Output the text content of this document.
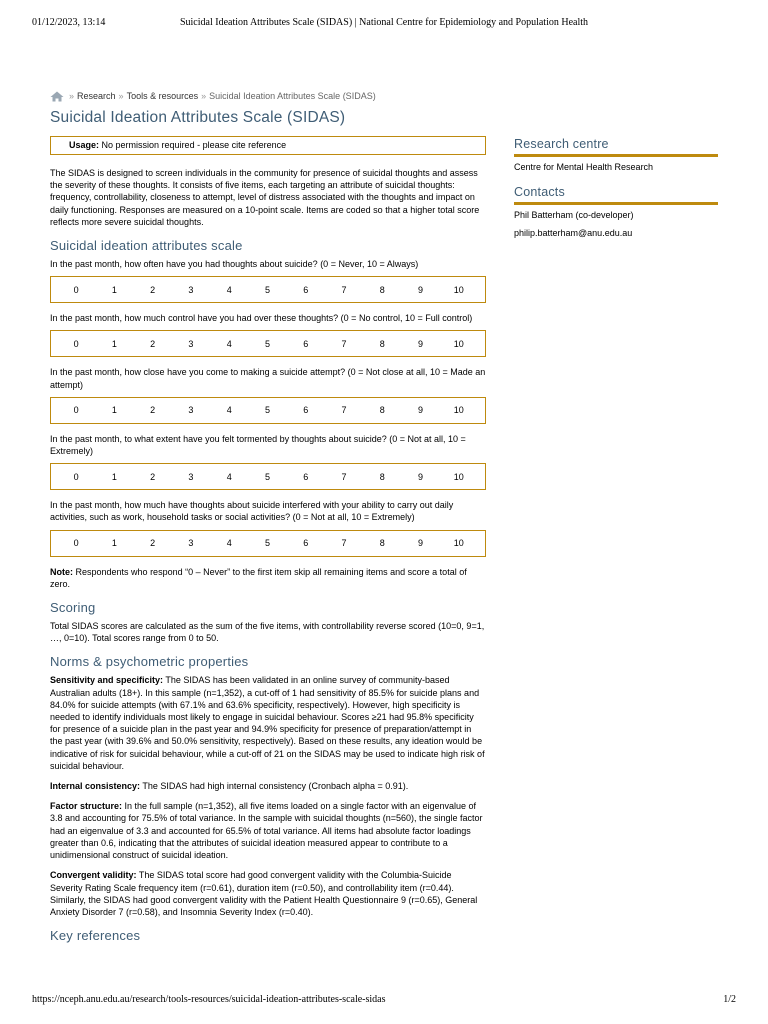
01/12/2023, 13:14	Suicidal Ideation Attributes Scale (SIDAS) | National Centre for Epidemiology and Population Health
» Research » Tools & resources » Suicidal Ideation Attributes Scale (SIDAS)
Suicidal Ideation Attributes Scale (SIDAS)
Usage: No permission required - please cite reference

The SIDAS is designed to screen individuals in the community for presence of suicidal thoughts and assess the severity of these thoughts. It consists of five items, each targeting an attribute of suicidal thoughts: frequency, controllability, closeness to attempt, level of distress associated with the thoughts and impact on daily functioning. Responses are measured on a 10-point scale. Items are coded so that a higher total score reflects more severe suicidal thoughts.

Suicidal ideation attributes scale

In the past month, how often have you had thoughts about suicide? (0 = Never, 10 = Always)

0	1	2	3	4	5	6	7	8	9	10

In the past month, how much control have you had over these thoughts? (0 = No control, 10 = Full control)

0	1	2	3	4	5	6	7	8	9	10

In the past month, how close have you come to making a suicide attempt? (0 = Not close at all, 10 = Made an attempt)

0	1	2	3	4	5	6	7	8	9	10

In the past month, to what extent have you felt tormented by thoughts about suicide? (0 = Not at all, 10 = Extremely)

0	1	2	3	4	5	6	7	8	9	10

In the past month, how much have thoughts about suicide interfered with your ability to carry out daily activities, such as work, household tasks or social activities? (0 = Not at all, 10 = Extremely)

0	1	2	3	4	5	6	7	8	9	10

Note: Respondents who respond “0 – Never” to the first item skip all remaining items and score a total of zero.

Scoring

Total SIDAS scores are calculated as the sum of the five items, with controllability reverse scored (10=0, 9=1, …, 0=10). Total scores range from 0 to 50.

Norms & psychometric properties

Sensitivity and specificity: The SIDAS has been validated in an online survey of community-based Australian adults (18+). In this sample (n=1,352), a cut-off of 1 had sensitivity of 85.5% for suicide plans and 84.0% for suicide attempts (with 67.1% and 63.6% specificity, respectively). However, high specificity is needed to identify individuals most likely to engage in suicidal behaviour. Scores ≥21 had 95.8% specificity for presence of a suicide plan in the past year and 94.9% specificity for presence of preparation/attempt in the past year (with 39.6% and 50.0% sensitivity, respectively). Based on these results, any ideation would be indicative of risk for suicidal behaviour, while a cut-off of 21 on the SIDAS may be used to indicate high risk of suicidal behaviour.

Internal consistency: The SIDAS had high internal consistency (Cronbach alpha = 0.91).

Factor structure: In the full sample (n=1,352), all five items loaded on a single factor with an eigenvalue of 3.8 and accounting for 75.5% of total variance. In the sample with suicidal thoughts (n=560), the single factor had an eigenvalue of 3.3 and accounted for 65.5% of total variance. All items had absolute factor loadings greater than 0.6, indicating that the attributes of suicidal ideation measured appear to contribute to a unidimensional construct of suicidal ideation.

Convergent validity: The SIDAS total score had good convergent validity with the Columbia-Suicide Severity Rating Scale frequency item (r=0.61), duration item (r=0.50), and controllability item (r=0.44). Similarly, the SIDAS had good convergent validity with the Patient Health Questionnaire 9 (r=0.65), General Anxiety Disorder 7 (r=0.58), and Insomnia Severity Index (r=0.40).

Key references
Research centre

Centre for Mental Health Research

Contacts

Phil Batterham (co-developer)

philip.batterham@anu.edu.au

https://nceph.anu.edu.au/research/tools-resources/suicidal-ideation-attributes-scale-sidas	1/2
